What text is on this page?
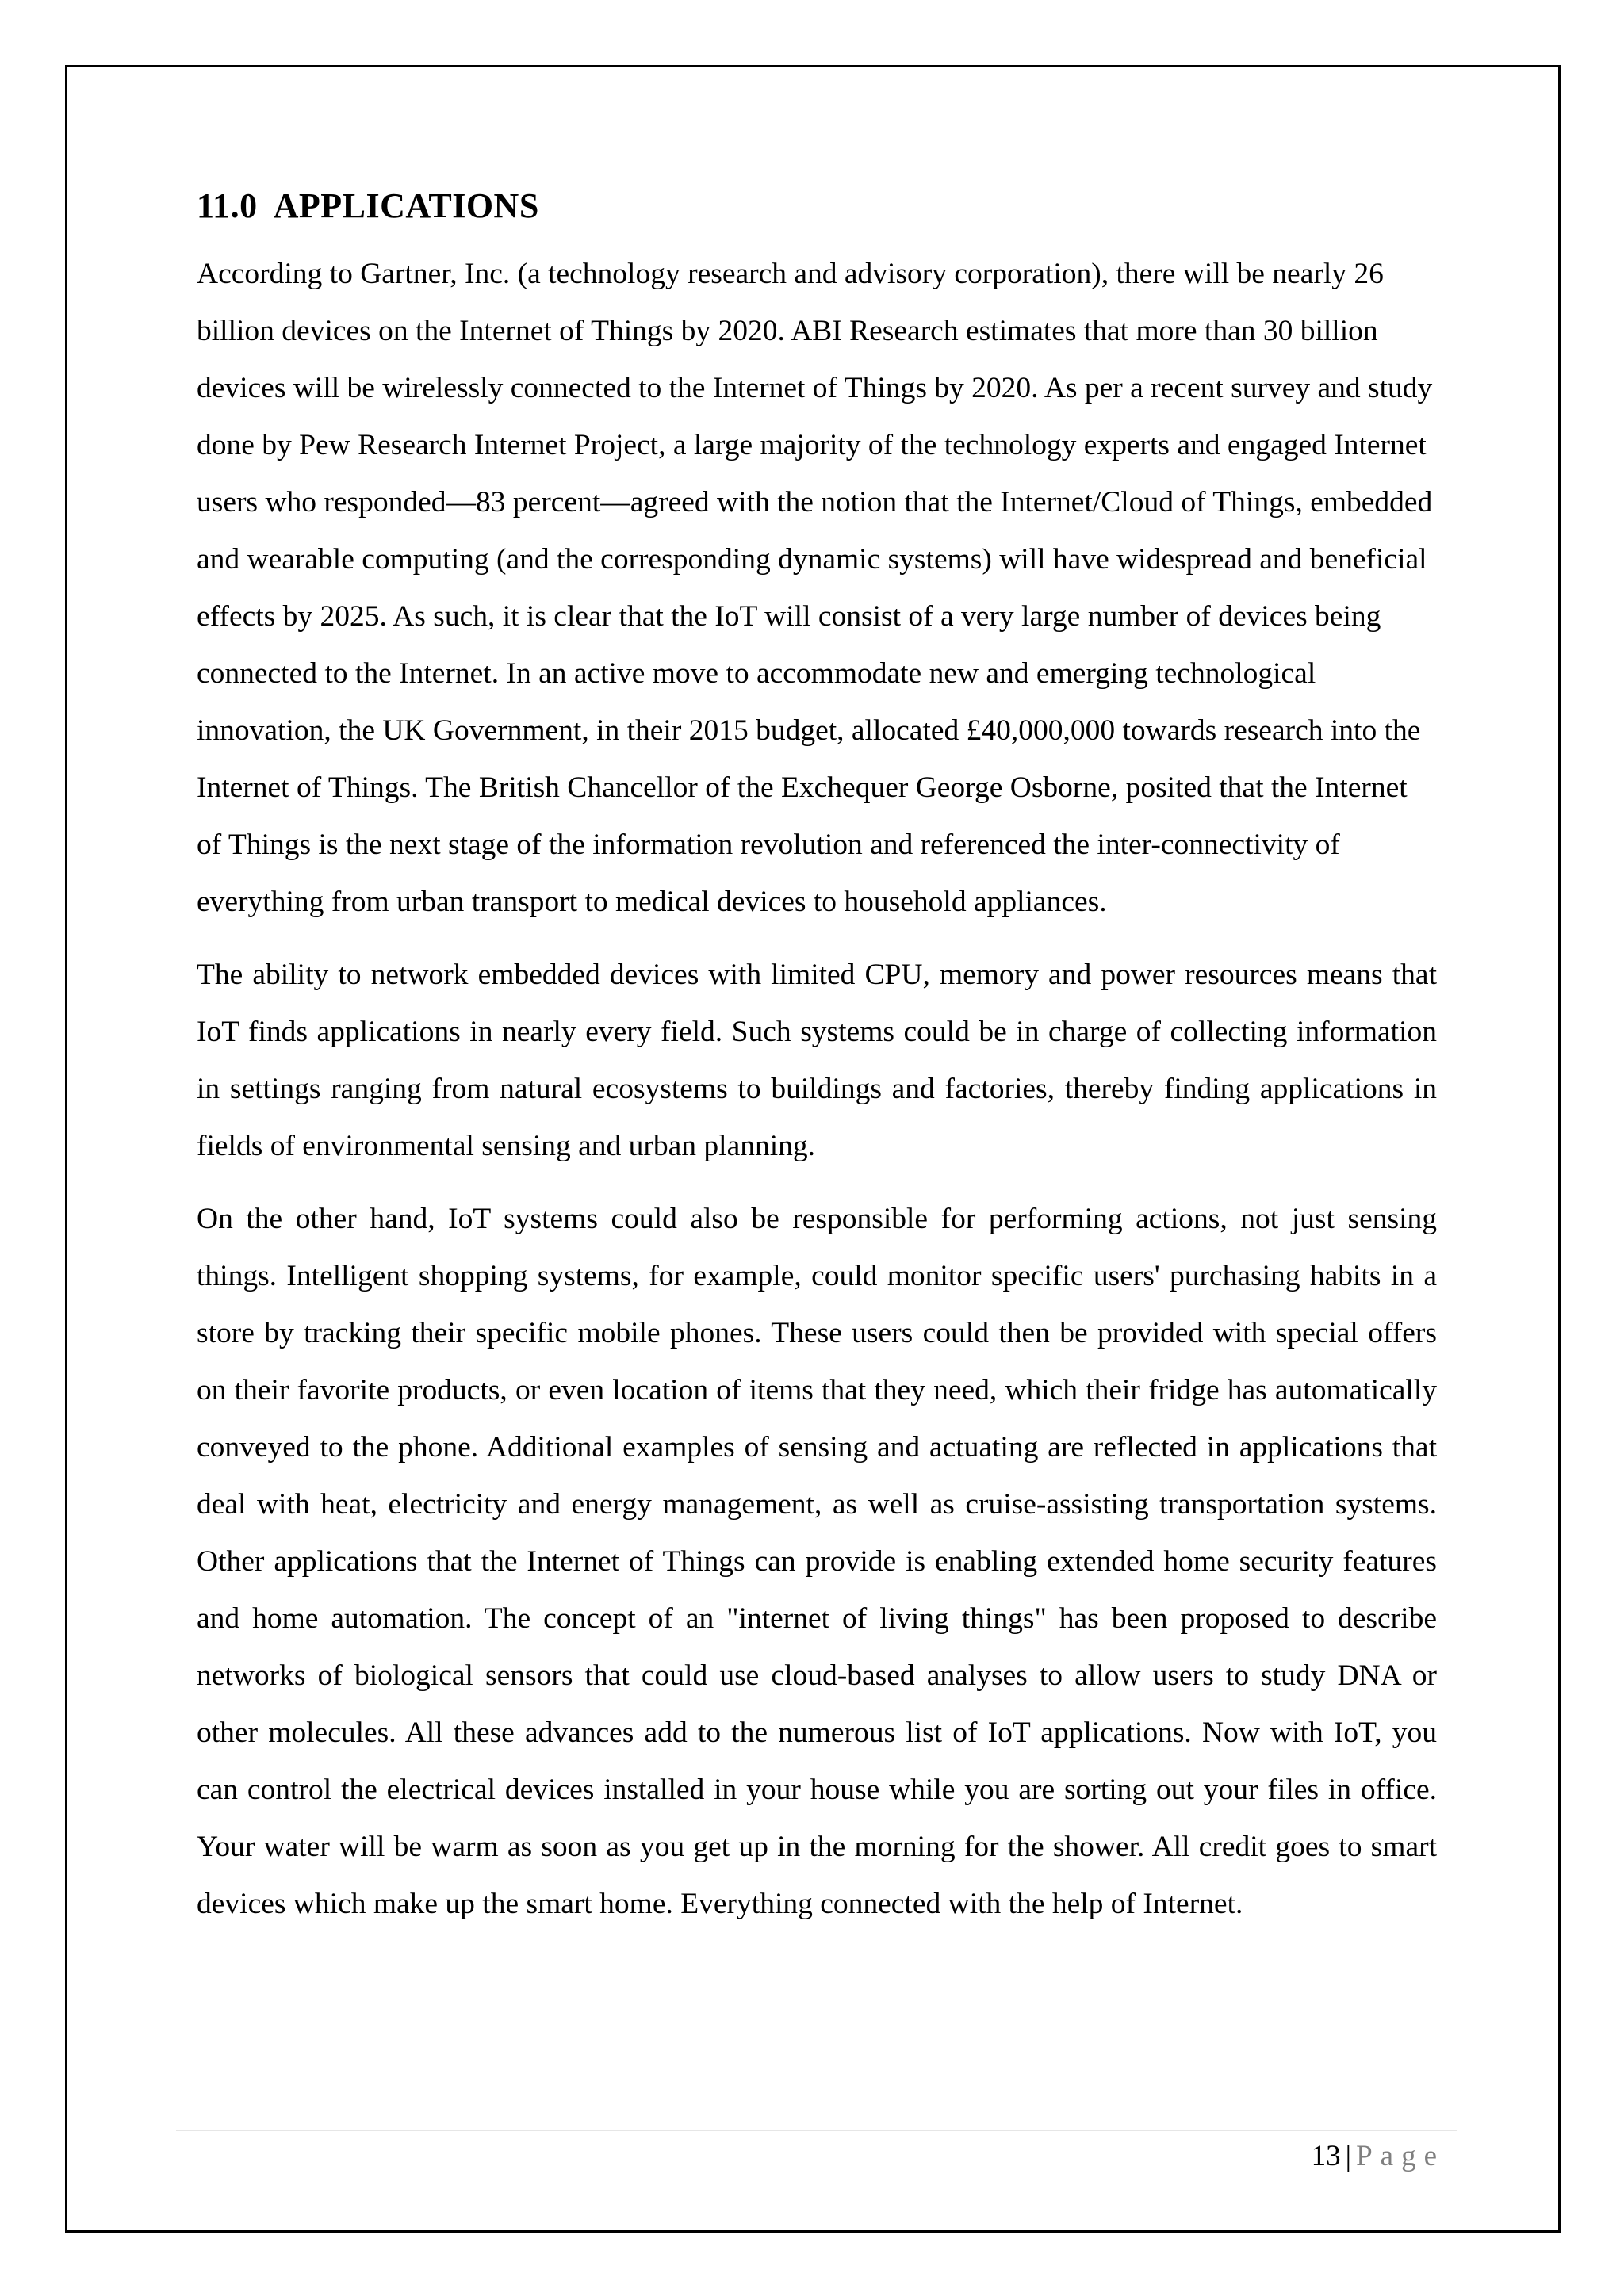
11.0 APPLICATIONS

According to Gartner, Inc. (a technology research and advisory corporation), there will be nearly 26 billion devices on the Internet of Things by 2020. ABI Research estimates that more than 30 billion devices will be wirelessly connected to the Internet of Things by 2020. As per a recent survey and study done by Pew Research Internet Project, a large majority of the technology experts and engaged Internet users who responded—83 percent—agreed with the notion that the Internet/Cloud of Things, embedded and wearable computing (and the corresponding dynamic systems) will have widespread and beneficial effects by 2025. As such, it is clear that the IoT will consist of a very large number of devices being connected to the Internet. In an active move to accommodate new and emerging technological innovation, the UK Government, in their 2015 budget, allocated £40,000,000 towards research into the Internet of Things. The British Chancellor of the Exchequer George Osborne, posited that the Internet of Things is the next stage of the information revolution and referenced the inter-connectivity of everything from urban transport to medical devices to household appliances.

The ability to network embedded devices with limited CPU, memory and power resources means that IoT finds applications in nearly every field. Such systems could be in charge of collecting information in settings ranging from natural ecosystems to buildings and factories, thereby finding applications in fields of environmental sensing and urban planning.

On the other hand, IoT systems could also be responsible for performing actions, not just sensing things. Intelligent shopping systems, for example, could monitor specific users' purchasing habits in a store by tracking their specific mobile phones. These users could then be provided with special offers on their favorite products, or even location of items that they need, which their fridge has automatically conveyed to the phone. Additional examples of sensing and actuating are reflected in applications that deal with heat, electricity and energy management, as well as cruise-assisting transportation systems. Other applications that the Internet of Things can provide is enabling extended home security features and home automation. The concept of an "internet of living things" has been proposed to describe networks of biological sensors that could use cloud-based analyses to allow users to study DNA or other molecules. All these advances add to the numerous list of IoT applications. Now with IoT, you can control the electrical devices installed in your house while you are sorting out your files in office. Your water will be warm as soon as you get up in the morning for the shower. All credit goes to smart devices which make up the smart home. Everything connected with the help of Internet.

13 | Page
